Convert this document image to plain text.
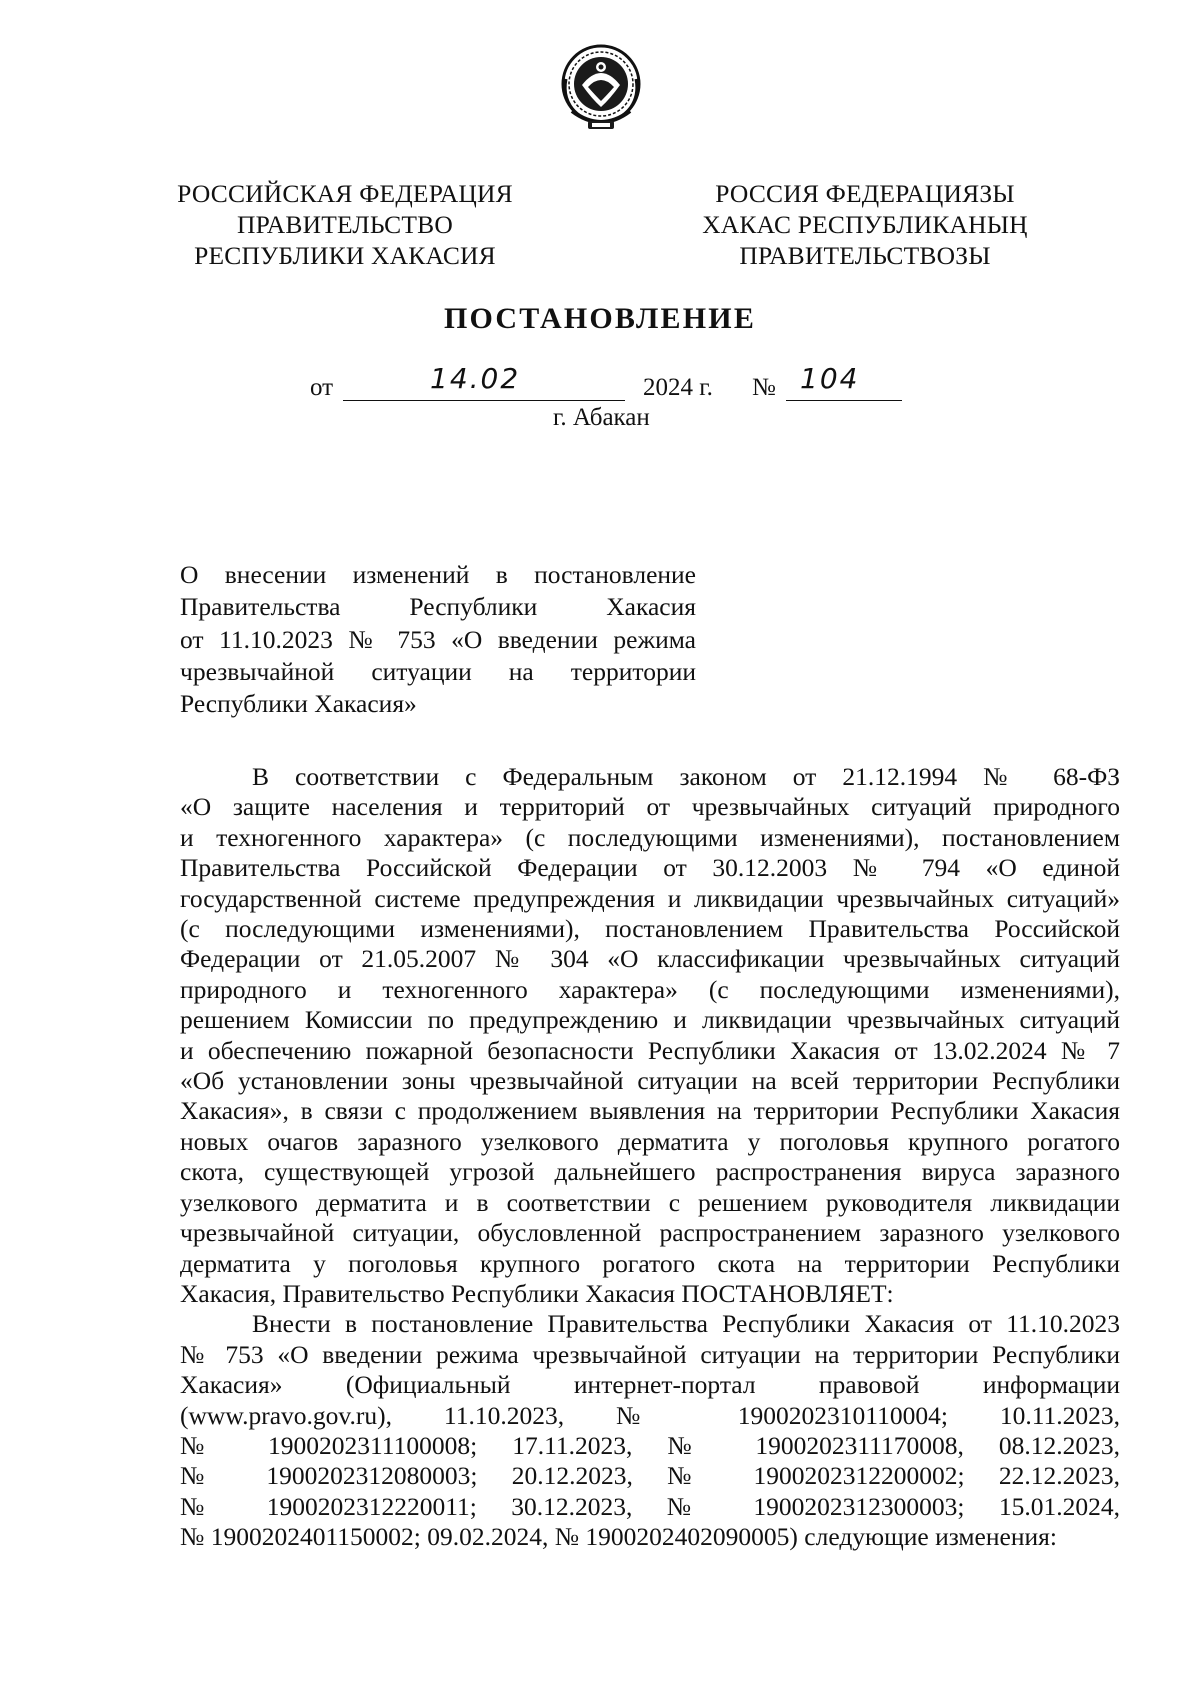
РОССИЙСКАЯ ФЕДЕРАЦИЯ
ПРАВИТЕЛЬСТВО
РЕСПУБЛИКИ ХАКАСИЯ
РОССИЯ ФЕДЕРАЦИЯЗЫ
ХАКАС РЕСПУБЛИКАНЫҢ
ПРАВИТЕЛЬСТВОЗЫ
ПОСТАНОВЛЕНИЕ
от	14.02	2024 г. № 104
г. Абакан
О внесении изменений в постановление
Правительства Республики Хакасия
от 11.10.2023 № 753 «О введении режима
чрезвычайной ситуации на территории
Республики Хакасия»
В соответствии с Федеральным законом от 21.12.1994 № 68-ФЗ
«О защите населения и территорий от чрезвычайных ситуаций природного
и техногенного характера» (с последующими изменениями), постановлением
Правительства Российской Федерации от 30.12.2003 № 794 «О единой
государственной системе предупреждения и ликвидации чрезвычайных ситуаций»
(с последующими изменениями), постановлением Правительства Российской
Федерации от 21.05.2007 № 304 «О классификации чрезвычайных ситуаций
природного и техногенного характера» (с последующими изменениями),
решением Комиссии по предупреждению и ликвидации чрезвычайных ситуаций
и обеспечению пожарной безопасности Республики Хакасия от 13.02.2024 № 7
«Об установлении зоны чрезвычайной ситуации на всей территории Республики
Хакасия», в связи с продолжением выявления на территории Республики Хакасия
новых очагов заразного узелкового дерматита у поголовья крупного рогатого
скота, существующей угрозой дальнейшего распространения вируса заразного
узелкового дерматита и в соответствии с решением руководителя ликвидации
чрезвычайной ситуации, обусловленной распространением заразного узелкового
дерматита у поголовья крупного рогатого скота на территории Республики
Хакасия, Правительство Республики Хакасия ПОСТАНОВЛЯЕТ:
Внести в постановление Правительства Республики Хакасия от 11.10.2023
№ 753 «О введении режима чрезвычайной ситуации на территории Республики
Хакасия» (Официальный интернет-портал правовой информации
(www.pravo.gov.ru), 11.10.2023, № 1900202310110004; 10.11.2023,
№ 1900202311100008; 17.11.2023, № 1900202311170008, 08.12.2023,
№ 1900202312080003; 20.12.2023, № 1900202312200002; 22.12.2023,
№ 1900202312220011; 30.12.2023, № 1900202312300003; 15.01.2024,
№ 1900202401150002; 09.02.2024, № 1900202402090005) следующие изменения:
